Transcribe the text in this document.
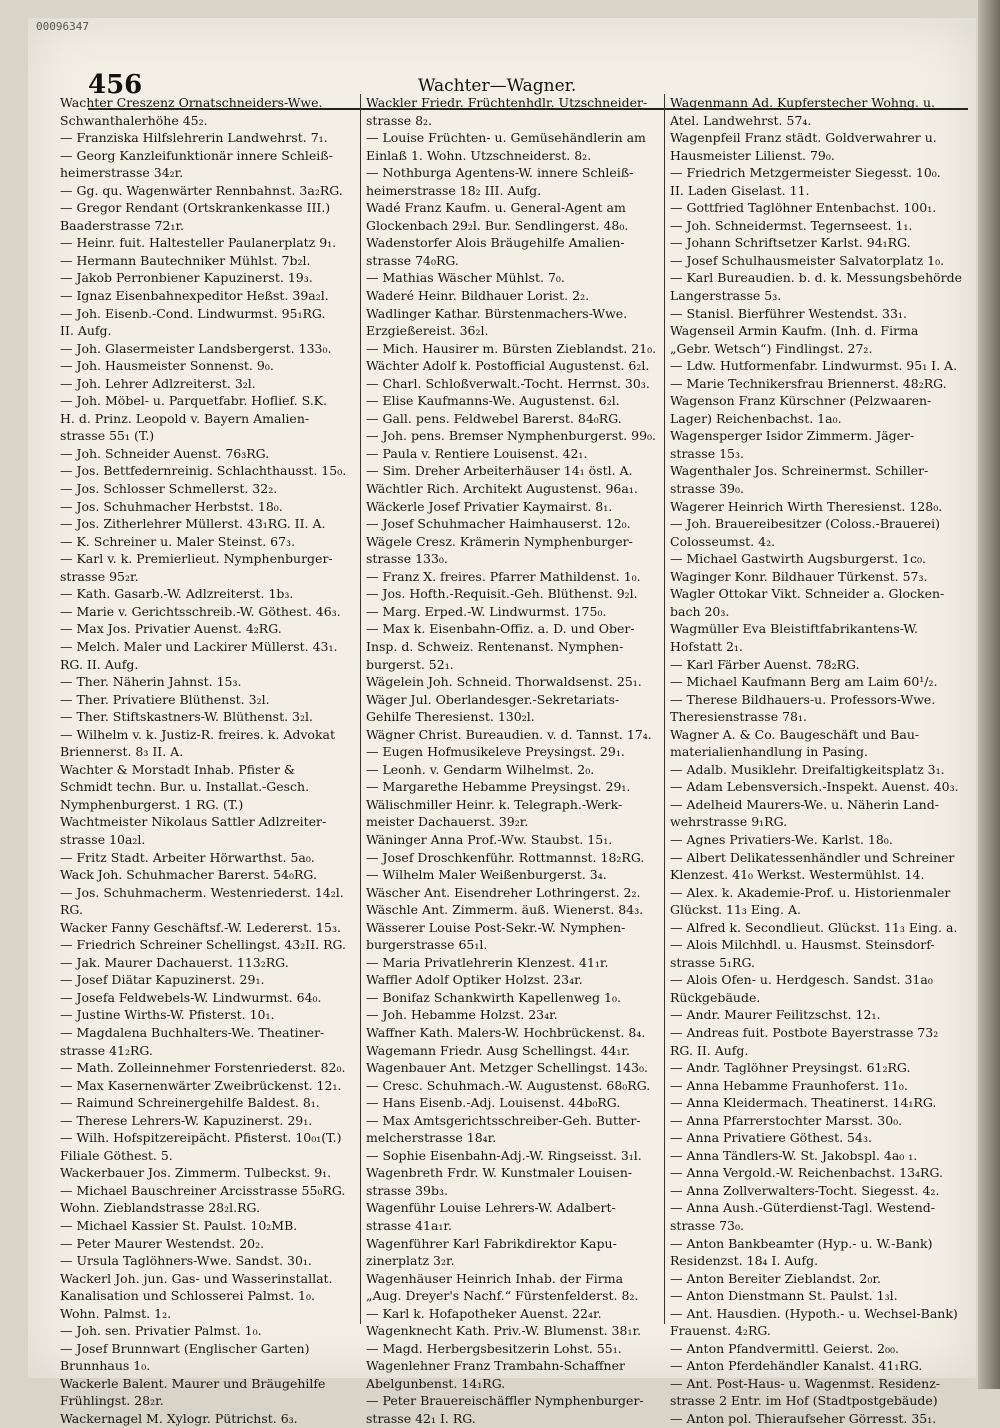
00096347
456	Wachter—Wagner.
Wachter Creszenz Ornatschneiders-Wwe.
Schwanthalerhöhe 45₂.
— Franziska Hilfslehrerin Landwehrst. 7₁.
— Georg Kanzleifunktionär innere Schleiß-
heimerstrasse 34₂r.
— Gg. qu. Wagenwärter Rennbahnst. 3a₂RG.
— Gregor Rendant (Ortskrankenkasse III.)
Baaderstrasse 72₁r.
— Heinr. fuit. Haltesteller Paulanerplatz 9₁.
— Hermann Bautechniker Mühlst. 7b₂l.
— Jakob Perronbiener Kapuzinerst. 19₃.
— Ignaz Eisenbahnexpeditor Heßst. 39a₂l.
— Joh. Eisenb.-Cond. Lindwurmst. 95₁RG.
II. Aufg.
— Joh. Glasermeister Landsbergerst. 133₀.
— Joh. Hausmeister Sonnenst. 9₀.
— Joh. Lehrer Adlzreiterst. 3₂l.
— Joh. Möbel- u. Parquetfabr. Hoflief. S.K.
H. d. Prinz. Leopold v. Bayern Amalien-
strasse 55₁ (T.)
— Joh. Schneider Auenst. 76₃RG.
— Jos. Bettfedernreinig. Schlachthausst. 15₀.
— Jos. Schlosser Schmellerst. 32₂.
— Jos. Schuhmacher Herbstst. 18₀.
— Jos. Zitherlehrer Müllerst. 43₁RG. II. A.
— K. Schreiner u. Maler Steinst. 67₃.
— Karl v. k. Premierlieut. Nymphenburger-
strasse 95₂r.
— Kath. Gasarb.-W. Adlzreiterst. 1b₃.
— Marie v. Gerichtsschreib.-W. Göthest. 46₃.
— Max Jos. Privatier Auenst. 4₂RG.
— Melch. Maler und Lackirer Müllerst. 43₁.
RG. II. Aufg.
— Ther. Näherin Jahnst. 15₃.
— Ther. Privatiere Blüthenst. 3₂l.
— Ther. Stiftskastners-W. Blüthenst. 3₂l.
— Wilhelm v. k. Justiz-R. freires. k. Advokat
Briennerst. 8₃ II. A.
Wachter & Morstadt Inhab. Pfister &
Schmidt techn. Bur. u. Installat.-Gesch.
Nymphenburgerst. 1 RG. (T.)
Wachtmeister Nikolaus Sattler Adlzreiter-
strasse 10a₂l.
— Fritz Stadt. Arbeiter Hörwarthst. 5a₀.
Wack Joh. Schuhmacher Barerst. 54₀RG.
— Jos. Schuhmacherm. Westenriederst. 14₂l.
RG.
Wacker Fanny Geschäftsf.-W. Ledererst. 15₃.
— Friedrich Schreiner Schellingst. 43₂II. RG.
— Jak. Maurer Dachauerst. 113₂RG.
— Josef Diätar Kapuzinerst. 29₁.
— Josefa Feldwebels-W. Lindwurmst. 64₀.
— Justine Wirths-W. Pfisterst. 10₁.
— Magdalena Buchhalters-We. Theatiner-
strasse 41₂RG.
— Math. Zolleinnehmer Forstenriederst. 82₀.
— Max Kasernenwärter Zweibrückenst. 12₁.
— Raimund Schreinergehilfe Baldest. 8₁.
— Therese Lehrers-W. Kapuzinerst. 29₁.
— Wilh. Hofspitzereipächt. Pfisterst. 10₀₁(T.)
Filiale Göthest. 5.
Wackerbauer Jos. Zimmerm. Tulbeckst. 9₁.
— Michael Bauschreiner Arcisstrasse 55₀RG.
Wohn. Zieblandstrasse 28₂l.RG.
— Michael Kassier St. Paulst. 10₂MB.
— Peter Maurer Westendst. 20₂.
— Ursula Taglöhners-Wwe. Sandst. 30₁.
Wackerl Joh. jun. Gas- und Wasserinstallat.
Kanalisation und Schlosserei Palmst. 1₀.
Wohn. Palmst. 1₂.
— Joh. sen. Privatier Palmst. 1₀.
— Josef Brunnwart (Englischer Garten)
Brunnhaus 1₀.
Wackerle Balent. Maurer und Bräugehilfe
Frühlingst. 28₂r.
Wackernagel M. Xylogr. Pütrichst. 6₃.
Wackler Friedr. Früchtenhdlr. Utzschneider-
strasse 8₂.
— Louise Früchten- u. Gemüsehändlerin am
Einlaß 1. Wohn. Utzschneiderst. 8₂.
— Nothburga Agentens-W. innere Schleiß-
heimerstrasse 18₂ III. Aufg.
Wadé Franz Kaufm. u. General-Agent am
Glockenbach 29₂l. Bur. Sendlingerst. 48₀.
Wadenstorfer Alois Bräugehilfe Amalien-
strasse 74₀RG.
— Mathias Wäscher Mühlst. 7₀.
Waderé Heinr. Bildhauer Lorist. 2₂.
Wadlinger Kathar. Bürstenmachers-Wwe.
Erzgießereist. 36₂l.
— Mich. Hausirer m. Bürsten Zieblandst. 21₀.
Wächter Adolf k. Postofficial Augustenst. 6₂l.
— Charl. Schloßverwalt.-Tocht. Herrnst. 30₃.
— Elise Kaufmanns-We. Augustenst. 6₂l.
— Gall. pens. Feldwebel Barerst. 84₀RG.
— Joh. pens. Bremser Nymphenburgerst. 99₀.
— Paula v. Rentiere Louisenst. 42₁.
— Sim. Dreher Arbeiterhäuser 14₁ östl. A.
Wächtler Rich. Architekt Augustenst. 96a₁.
Wäckerle Josef Privatier Kaymairst. 8₁.
— Josef Schuhmacher Haimhauserst. 12₀.
Wägele Cresz. Krämerin Nymphenburger-
strasse 133₀.
— Franz X. freires. Pfarrer Mathildenst. 1₀.
— Jos. Hofth.-Requisit.-Geh. Blüthenst. 9₂l.
— Marg. Erped.-W. Lindwurmst. 175₀.
— Max k. Eisenbahn-Offiz. a. D. und Ober-
Insp. d. Schweiz. Rentenanst. Nymphen-
burgerst. 52₁.
Wägelein Joh. Schneid. Thorwaldsenst. 25₁.
Wäger Jul. Oberlandesger.-Sekretariats-
Gehilfe Theresienst. 130₂l.
Wägner Christ. Bureaudien. v. d. Tannst. 17₄.
— Eugen Hofmusikeleve Preysingst. 29₁.
— Leonh. v. Gendarm Wilhelmst. 2₀.
— Margarethe Hebamme Preysingst. 29₁.
Wälischmiller Heinr. k. Telegraph.-Werk-
meister Dachauerst. 39₂r.
Wäninger Anna Prof.-Ww. Staubst. 15₁.
— Josef Droschkenführ. Rottmannst. 18₂RG.
— Wilhelm Maler Weißenburgerst. 3₄.
Wäscher Ant. Eisendreher Lothringerst. 2₂.
Wäschle Ant. Zimmerm. äuß. Wienerst. 84₃.
Wässerer Louise Post-Sekr.-W. Nymphen-
burgerstrasse 65₁l.
— Maria Privatlehrerin Klenzest. 41₁r.
Waffler Adolf Optiker Holzst. 23₄r.
— Bonifaz Schankwirth Kapellenweg 1₀.
— Joh. Hebamme Holzst. 23₄r.
Waffner Kath. Malers-W. Hochbrückenst. 8₄.
Wagemann Friedr. Ausg Schellingst. 44₁r.
Wagenbauer Ant. Metzger Schellingst. 143₀.
— Cresc. Schuhmach.-W. Augustenst. 68₀RG.
— Hans Eisenb.-Adj. Louisenst. 44b₀RG.
— Max Amtsgerichtsschreiber-Geh. Butter-
melcherstrasse 18₄r.
— Sophie Eisenbahn-Adj.-W. Ringseisst. 3₁l.
Wagenbreth Frdr. W. Kunstmaler Louisen-
strasse 39b₃.
Wagenführ Louise Lehrers-W. Adalbert-
strasse 41a₁r.
Wagenführer Karl Fabrikdirektor Kapu-
zinerplatz 3₂r.
Wagenhäuser Heinrich Inhab. der Firma
„Aug. Dreyer's Nachf.“ Fürstenfelderst. 8₂.
— Karl k. Hofapotheker Auenst. 22₄r.
Wagenknecht Kath. Priv.-W. Blumenst. 38₁r.
— Magd. Herbergsbesitzerin Lohst. 55₁.
Wagenlehner Franz Trambahn-Schaffner
Abelgunbenst. 14₁RG.
— Peter Brauereischäffler Nymphenburger-
strasse 42₁ I. RG.
Wagenmann Ad. Kupferstecher Wohng. u.
Atel. Landwehrst. 57₄.
Wagenpfeil Franz städt. Goldverwahrer u.
Hausmeister Lilienst. 79₀.
— Friedrich Metzgermeister Siegesst. 10₀.
II. Laden Giselast. 11.
— Gottfried Taglöhner Entenbachst. 100₁.
— Joh. Schneidermst. Tegernseest. 1₁.
— Johann Schriftsetzer Karlst. 94₁RG.
— Josef Schulhausmeister Salvatorplatz 1₀.
— Karl Bureaudien. b. d. k. Messungsbehörde
Langerstrasse 5₃.
— Stanisl. Bierführer Westendst. 33₁.
Wagenseil Armin Kaufm. (Inh. d. Firma
„Gebr. Wetsch“) Findlingst. 27₂.
— Ldw. Hutformenfabr. Lindwurmst. 95₁ I. A.
— Marie Technikersfrau Briennerst. 48₂RG.
Wagenson Franz Kürschner (Pelzwaaren-
Lager) Reichenbachst. 1a₀.
Wagensperger Isidor Zimmerm. Jäger-
strasse 15₃.
Wagenthaler Jos. Schreinermst. Schiller-
strasse 39₀.
Wagerer Heinrich Wirth Theresienst. 128₀.
— Joh. Brauereibesitzer (Coloss.-Brauerei)
Colosseumst. 4₂.
— Michael Gastwirth Augsburgerst. 1c₀.
Waginger Konr. Bildhauer Türkenst. 57₃.
Wagler Ottokar Vikt. Schneider a. Glocken-
bach 20₃.
Wagmüller Eva Bleistiftfabrikantens-W.
Hofstatt 2₁.
— Karl Färber Auenst. 78₂RG.
— Michael Kaufmann Berg am Laim 60¹/₂.
— Therese Bildhauers-u. Professors-Wwe.
Theresienstrasse 78₁.
Wagner A. & Co. Baugeschäft und Bau-
materialienhandlung in Pasing.
— Adalb. Musiklehr. Dreifaltigkeitsplatz 3₁.
— Adam Lebensversich.-Inspekt. Auenst. 40₃.
— Adelheid Maurers-We. u. Näherin Land-
wehrstrasse 9₁RG.
— Agnes Privatiers-We. Karlst. 18₀.
— Albert Delikatessenhändler und Schreiner
Klenzest. 41₀ Werkst. Westermühlst. 14.
— Alex. k. Akademie-Prof. u. Historienmaler
Glückst. 11₃ Eing. A.
— Alfred k. Secondlieut. Glückst. 11₃ Eing. a.
— Alois Milchhdl. u. Hausmst. Steinsdorf-
strasse 5₁RG.
— Alois Ofen- u. Herdgesch. Sandst. 31a₀
Rückgebäude.
— Andr. Maurer Feilitzschst. 12₁.
— Andreas fuit. Postbote Bayerstrasse 73₂
RG. II. Aufg.
— Andr. Taglöhner Preysingst. 61₂RG.
— Anna Hebamme Fraunhoferst. 11₀.
— Anna Kleidermach. Theatinerst. 14₁RG.
— Anna Pfarrerstochter Marsst. 30₀.
— Anna Privatiere Göthest. 54₃.
— Anna Tändlers-W. St. Jakobspl. 4a₀ ₁.
— Anna Vergold.-W. Reichenbachst. 13₄RG.
— Anna Zollverwalters-Tocht. Siegesst. 4₂.
— Anna Aush.-Güterdienst-Tagl. Westend-
strasse 73₀.
— Anton Bankbeamter (Hyp.- u. W.-Bank)
Residenzst. 18₄ I. Aufg.
— Anton Bereiter Zieblandst. 2₀r.
— Anton Dienstmann St. Paulst. 1₃l.
— Ant. Hausdien. (Hypoth.- u. Wechsel-Bank)
Frauenst. 4₂RG.
— Anton Pfandvermittl. Geierst. 2₀₀.
— Anton Pferdehändler Kanalst. 41₁RG.
— Ant. Post-Haus- u. Wagenmst. Residenz-
strasse 2 Entr. im Hof (Stadtpostgebäude)
— Anton pol. Thieraufseher Görresst. 35₁.
